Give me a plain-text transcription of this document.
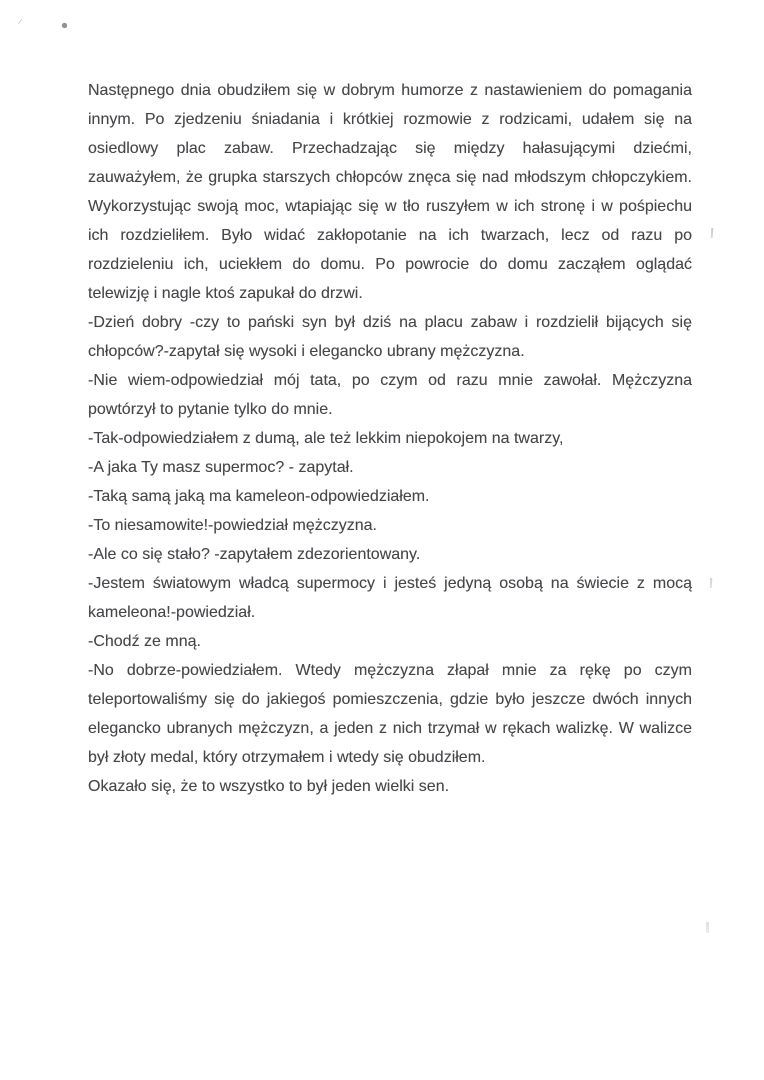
Następnego dnia obudziłem się w dobrym humorze z nastawieniem do pomagania innym. Po zjedzeniu śniadania i krótkiej rozmowie z rodzicami, udałem się na osiedlowy plac zabaw. Przechadzając się między hałasującymi dziećmi, zauważyłem, że grupka starszych chłopców znęca się nad młodszym chłopczykiem. Wykorzystując swoją moc, wtapiając się w tło ruszyłem w ich stronę i w pośpiechu ich rozdzieliłem. Było widać zakłopotanie na ich twarzach, lecz od razu po rozdzieleniu ich, uciekłem do domu. Po powrocie do domu zacząłem oglądać telewizję i nagle ktoś zapukał do drzwi.

-Dzień dobry -czy to pański syn był dziś na placu zabaw i rozdzielił bijących się chłopców?-zapytał się wysoki i elegancko ubrany mężczyzna.

-Nie wiem-odpowiedział mój tata, po czym od razu mnie zawołał. Mężczyzna powtórzył to pytanie tylko do mnie.

-Tak-odpowiedziałem z dumą, ale też lekkim niepokojem na twarzy,

-A jaka Ty masz supermoc? - zapytał.

-Taką samą jaką ma kameleon-odpowiedziałem.

-To niesamowite!-powiedział mężczyzna.

-Ale co się stało? -zapytałem zdezorientowany.

-Jestem światowym władcą supermocy i jesteś jedyną osobą na świecie z mocą kameleona!-powiedział.

-Chodź ze mną.

-No dobrze-powiedziałem. Wtedy mężczyzna złapał mnie za rękę po czym teleportowaliśmy się do jakiegoś pomieszczenia, gdzie było jeszcze dwóch innych elegancko ubranych mężczyzn, a jeden z nich trzymał w rękach walizkę. W walizce był złoty medal, który otrzymałem i wtedy się obudziłem.

Okazało się, że to wszystko to był jeden wielki sen.
